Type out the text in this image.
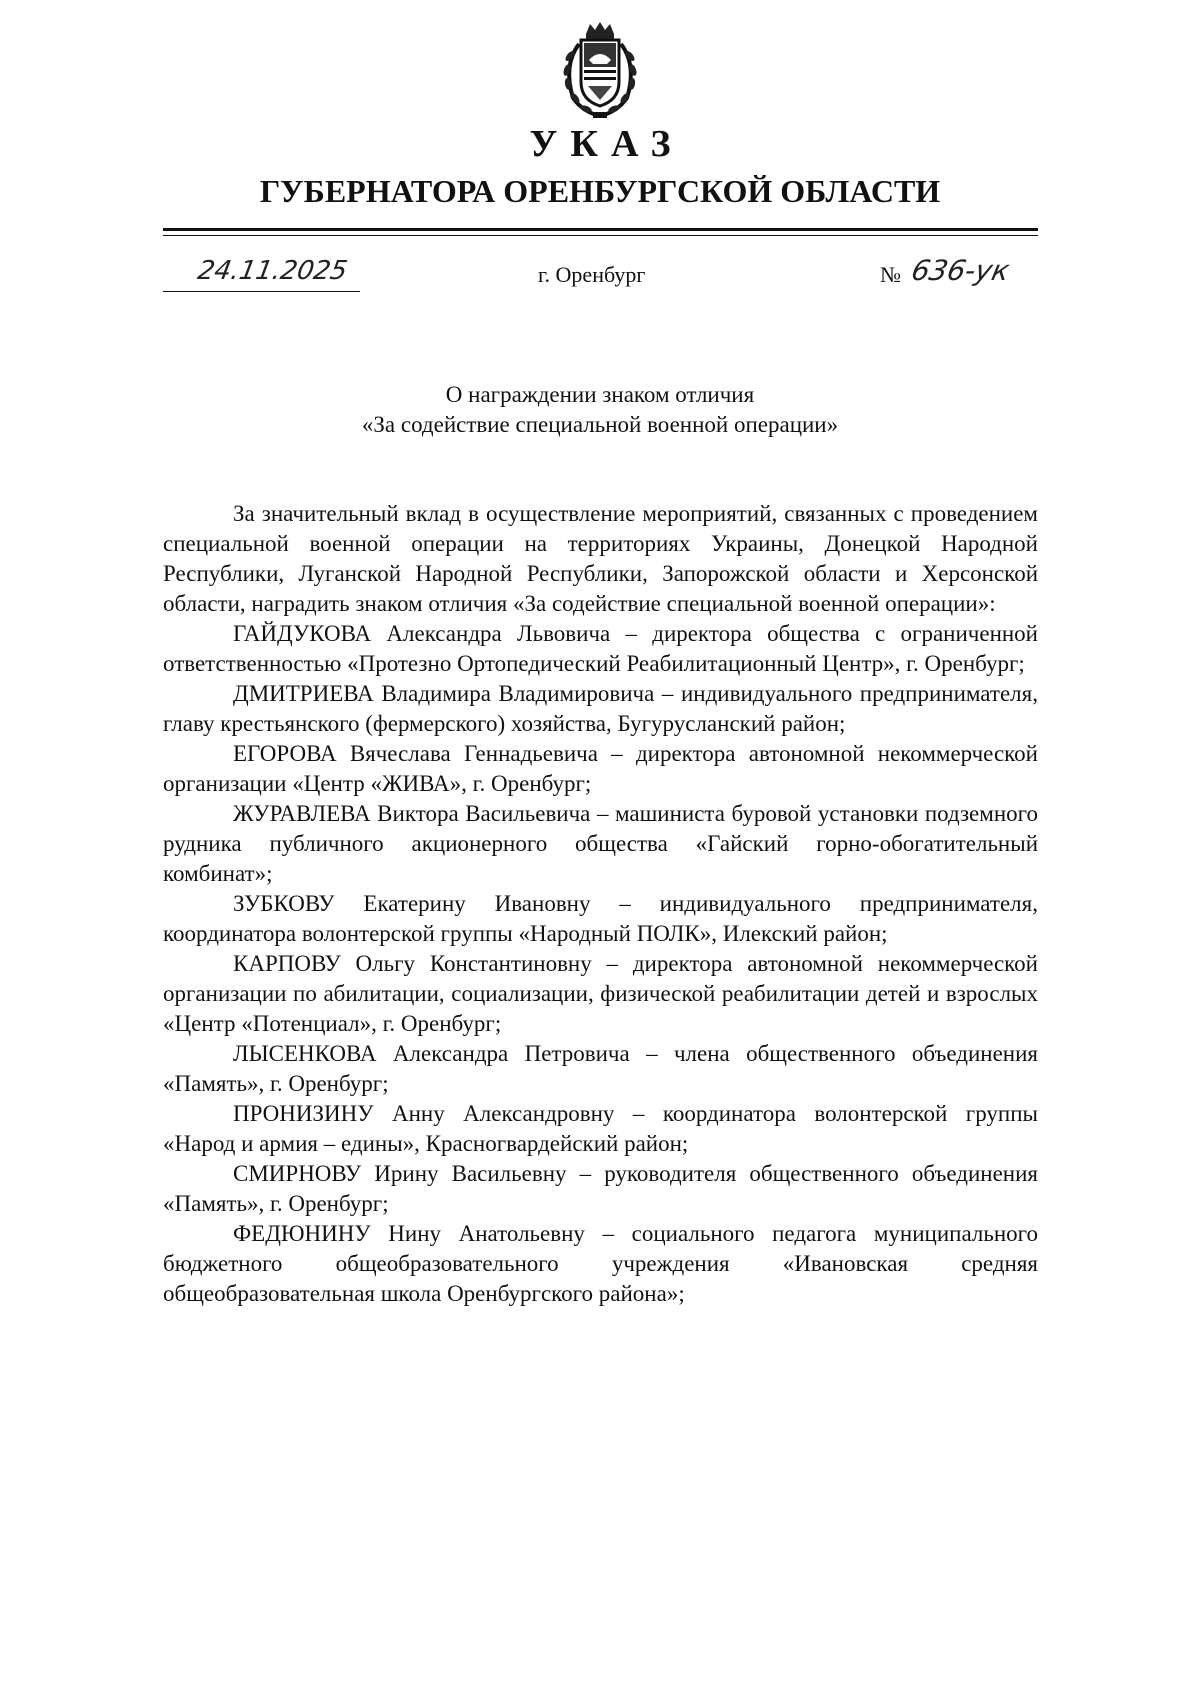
УКАЗ
ГУБЕРНАТОРА ОРЕНБУРГСКОЙ ОБЛАСТИ
24.11.2025	г. Оренбург	№ 636-ук
О награждении знаком отличия
«За содействие специальной военной операции»

За значительный вклад в осуществление мероприятий, связанных с проведением специальной военной операции на территориях Украины, Донецкой Народной Республики, Луганской Народной Республики, Запорожской области и Херсонской области, наградить знаком отличия «За содействие специальной военной операции»:

ГАЙДУКОВА Александра Львовича – директора общества с ограниченной ответственностью «Протезно Ортопедический Реабилитационный Центр», г. Оренбург;

ДМИТРИЕВА Владимира Владимировича – индивидуального предпринимателя, главу крестьянского (фермерского) хозяйства, Бугурусланский район;

ЕГОРОВА Вячеслава Геннадьевича – директора автономной некоммерческой организации «Центр «ЖИВА», г. Оренбург;

ЖУРАВЛЕВА Виктора Васильевича – машиниста буровой установки подземного рудника публичного акционерного общества «Гайский горно-обогатительный комбинат»;

ЗУБКОВУ Екатерину Ивановну – индивидуального предпринимателя, координатора волонтерской группы «Народный ПОЛК», Илекский район;

КАРПОВУ Ольгу Константиновну – директора автономной некоммерческой организации по абилитации, социализации, физической реабилитации детей и взрослых «Центр «Потенциал», г. Оренбург;

ЛЫСЕНКОВА Александра Петровича – члена общественного объединения «Память», г. Оренбург;

ПРОНИЗИНУ Анну Александровну – координатора волонтерской группы «Народ и армия – едины», Красногвардейский район;

СМИРНОВУ Ирину Васильевну – руководителя общественного объединения «Память», г. Оренбург;

ФЕДЮНИНУ Нину Анатольевну – социального педагога муниципального бюджетного общеобразовательного учреждения «Ивановская средняя общеобразовательная школа Оренбургского района»;
